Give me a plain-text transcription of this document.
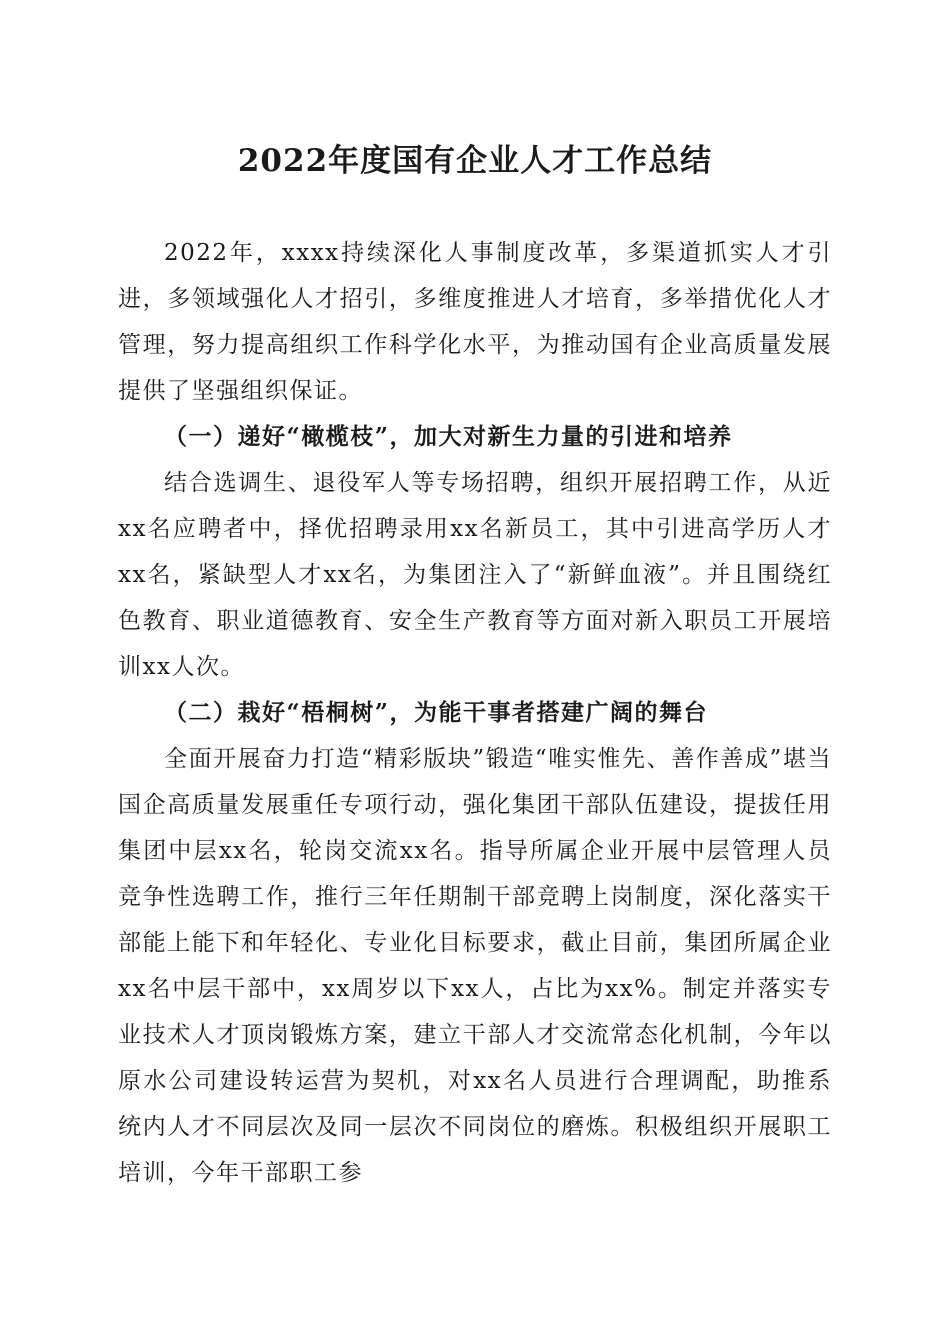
2022年度国有企业人才工作总结

2022年，xxxx持续深化人事制度改革，多渠道抓实人才引进，多领域强化人才招引，多维度推进人才培育，多举措优化人才管理，努力提高组织工作科学化水平，为推动国有企业高质量发展提供了坚强组织保证。

（一）递好“橄榄枝”，加大对新生力量的引进和培养

结合选调生、退役军人等专场招聘，组织开展招聘工作，从近xx名应聘者中，择优招聘录用xx名新员工，其中引进高学历人才xx名，紧缺型人才xx名，为集团注入了“新鲜血液”。并且围绕红色教育、职业道德教育、安全生产教育等方面对新入职员工开展培训xx人次。

（二）栽好“梧桐树”，为能干事者搭建广阔的舞台

全面开展奋力打造“精彩版块”锻造“唯实惟先、善作善成”堪当国企高质量发展重任专项行动，强化集团干部队伍建设，提拔任用集团中层xx名，轮岗交流xx名。指导所属企业开展中层管理人员竞争性选聘工作，推行三年任期制干部竞聘上岗制度，深化落实干部能上能下和年轻化、专业化目标要求，截止目前，集团所属企业xx名中层干部中，xx周岁以下xx人，占比为xx%。制定并落实专业技术人才顶岗锻炼方案，建立干部人才交流常态化机制，今年以原水公司建设转运营为契机，对xx名人员进行合理调配，助推系统内人才不同层次及同一层次不同岗位的磨炼。积极组织开展职工培训，今年干部职工参
